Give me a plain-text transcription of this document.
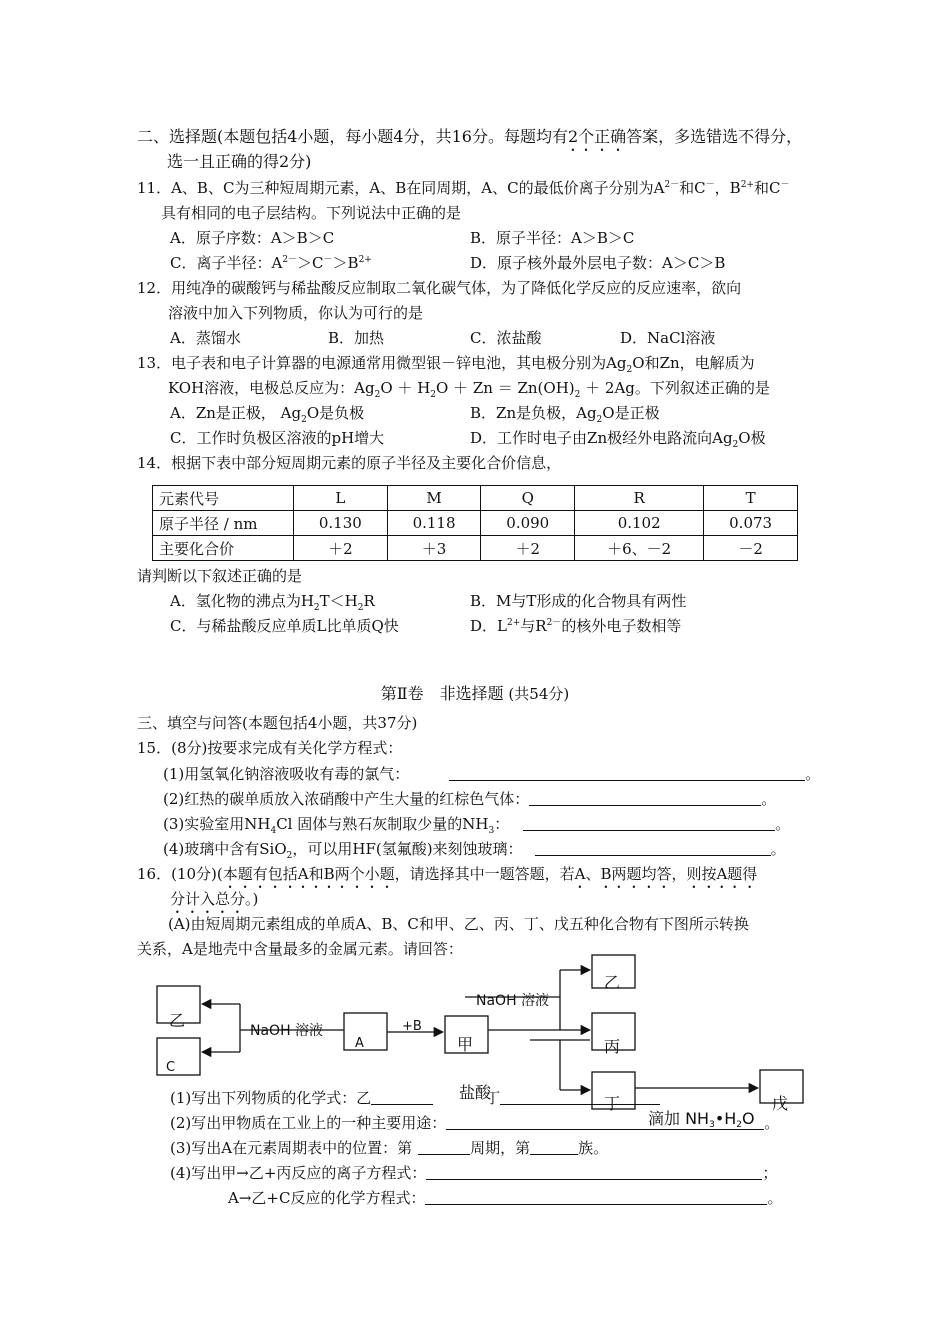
二、选择题(本题包括4小题，每小题4分，共16分。每题均有2个正确答案，多选错选不得分，
选一且正确的得2分)
11．A、B、C为三种短周期元素，A、B在同周期，A、C的最低价离子分别为$A^{2-}$和C－，$B^{2+}$和C－
具有相同的电子层结构。下列说法中正确的是
A．原子序数：A＞B＞C	B．原子半径：A＞B＞C
C．离子半径：$A^{2-}>C^->B^{2+}$	D．原子核外最外层电子数：A＞C＞B
12．用纯净的碳酸钙与稀盐酸反应制取二氧化碳气体，为了降低化学反应的反应速率，欲向
溶液中加入下列物质，你认为可行的是
A．蒸馏水	B．加热	C．浓盐酸	D．NaCl溶液
13．电子表和电子计算器的电源通常用微型银－锌电池，其电极分别为$Ag_2O$和Zn，电解质为
KOH溶液，电极总反应为：$Ag_2O + H_2O + Zn = Zn(OH)_2 + 2Ag$。下列叙述正确的是
A．Zn是正极， $Ag_2O$是负极	B．Zn是负极，$Ag_2O$是正极
C．工作时负极区溶液的pH增大	D．工作时电子由Zn极经外电路流向$Ag_2O$极
14．根据下表中部分短周期元素的原子半径及主要化合价信息，
元素代号	L	M	Q	R	T
原子半径 / nm	0.130	0.118	0.090	0.102	0.073
主要化合价	＋2	＋3	＋2	＋6、－2	－2
请判断以下叙述正确的是
A．氢化物的沸点为$H_2T<H_2R$	B．M与T形成的化合物具有两性
C．与稀盐酸反应单质L比单质Q快	D．$L^{2+}$与$R^{2-}$的核外电子数相等
第Ⅱ卷　非选择题 (共54分)
三、填空与问答(本题包括4小题，共37分)
15．(8分)按要求完成有关化学方程式：
(1)用氢氧化钠溶液吸收有毒的氯气：	。
(2)红热的碳单质放入浓硝酸中产生大量的红棕色气体：	。
(3)实验室用$NH_4Cl$ 固体与熟石灰制取少量的$NH_3$：	。
(4)玻璃中含有SiO$_2$，可以用HF(氢氟酸)来刻蚀玻璃：	。
16．(10分)(本题有包括A和B两个小题，请选择其中一题答题，若A、B两题均答，则按A题得
分计入总分。)
(A)由短周期元素组成的单质A、B、C和甲、乙、丙、丁、戊五种化合物有下图所示转换
关系，A是地壳中含量最多的金属元素。请回答：
乙
C
NaOH 溶液
A
+B
甲
NaOH 溶液
乙
丙
盐酸
丁
滴加 NH3•H2O
戊
(1)写出下列物质的化学式：乙	丁
(2)写出甲物质在工业上的一种主要用途：	。
(3)写出A在元素周期表中的位置：第	周期，第	族。
(4)写出甲→乙+丙反应的离子方程式：	；
A→乙+C反应的化学方程式：	。
